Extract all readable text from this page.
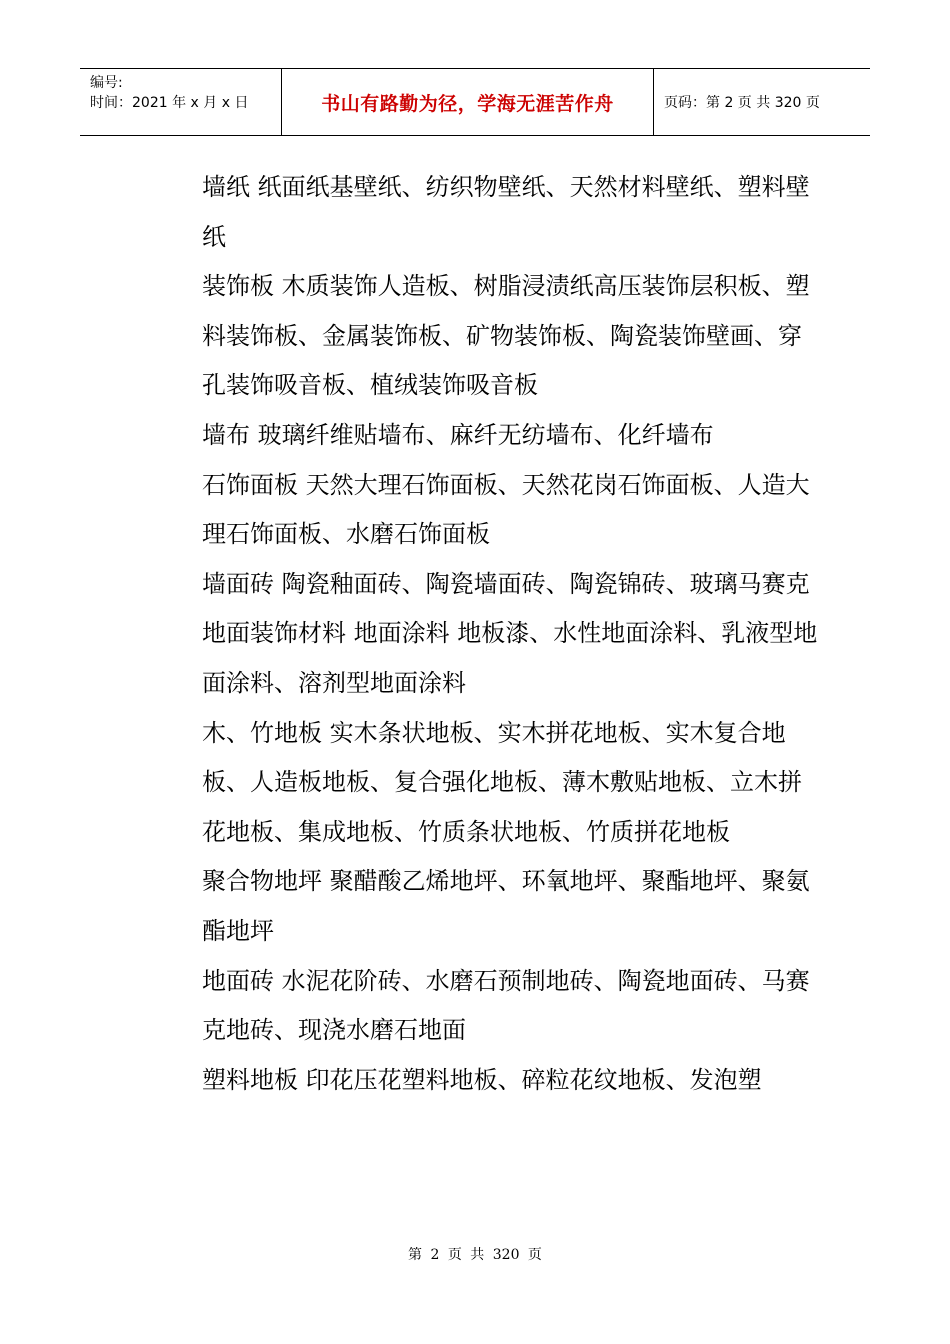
编号:
时间：2021 年 x 月 x 日	书山有路勤为径，学海无涯苦作舟	页码：第 2 页 共 320 页

墙纸 纸面纸基壁纸、纺织物壁纸、天然材料壁纸、塑料壁纸

装饰板 木质装饰人造板、树脂浸渍纸高压装饰层积板、塑料装饰板、金属装饰板、矿物装饰板、陶瓷装饰壁画、穿孔装饰吸音板、植绒装饰吸音板

墙布 玻璃纤维贴墙布、麻纤无纺墙布、化纤墙布

石饰面板 天然大理石饰面板、天然花岗石饰面板、人造大理石饰面板、水磨石饰面板

墙面砖 陶瓷釉面砖、陶瓷墙面砖、陶瓷锦砖、玻璃马赛克

地面装饰材料 地面涂料 地板漆、水性地面涂料、乳液型地面涂料、溶剂型地面涂料

木、竹地板 实木条状地板、实木拼花地板、实木复合地板、人造板地板、复合强化地板、薄木敷贴地板、立木拼花地板、集成地板、竹质条状地板、竹质拼花地板

聚合物地坪 聚醋酸乙烯地坪、环氧地坪、聚酯地坪、聚氨酯地坪

地面砖 水泥花阶砖、水磨石预制地砖、陶瓷地面砖、马赛克地砖、现浇水磨石地面

塑料地板 印花压花塑料地板、碎粒花纹地板、发泡塑

第 2 页 共 320 页
